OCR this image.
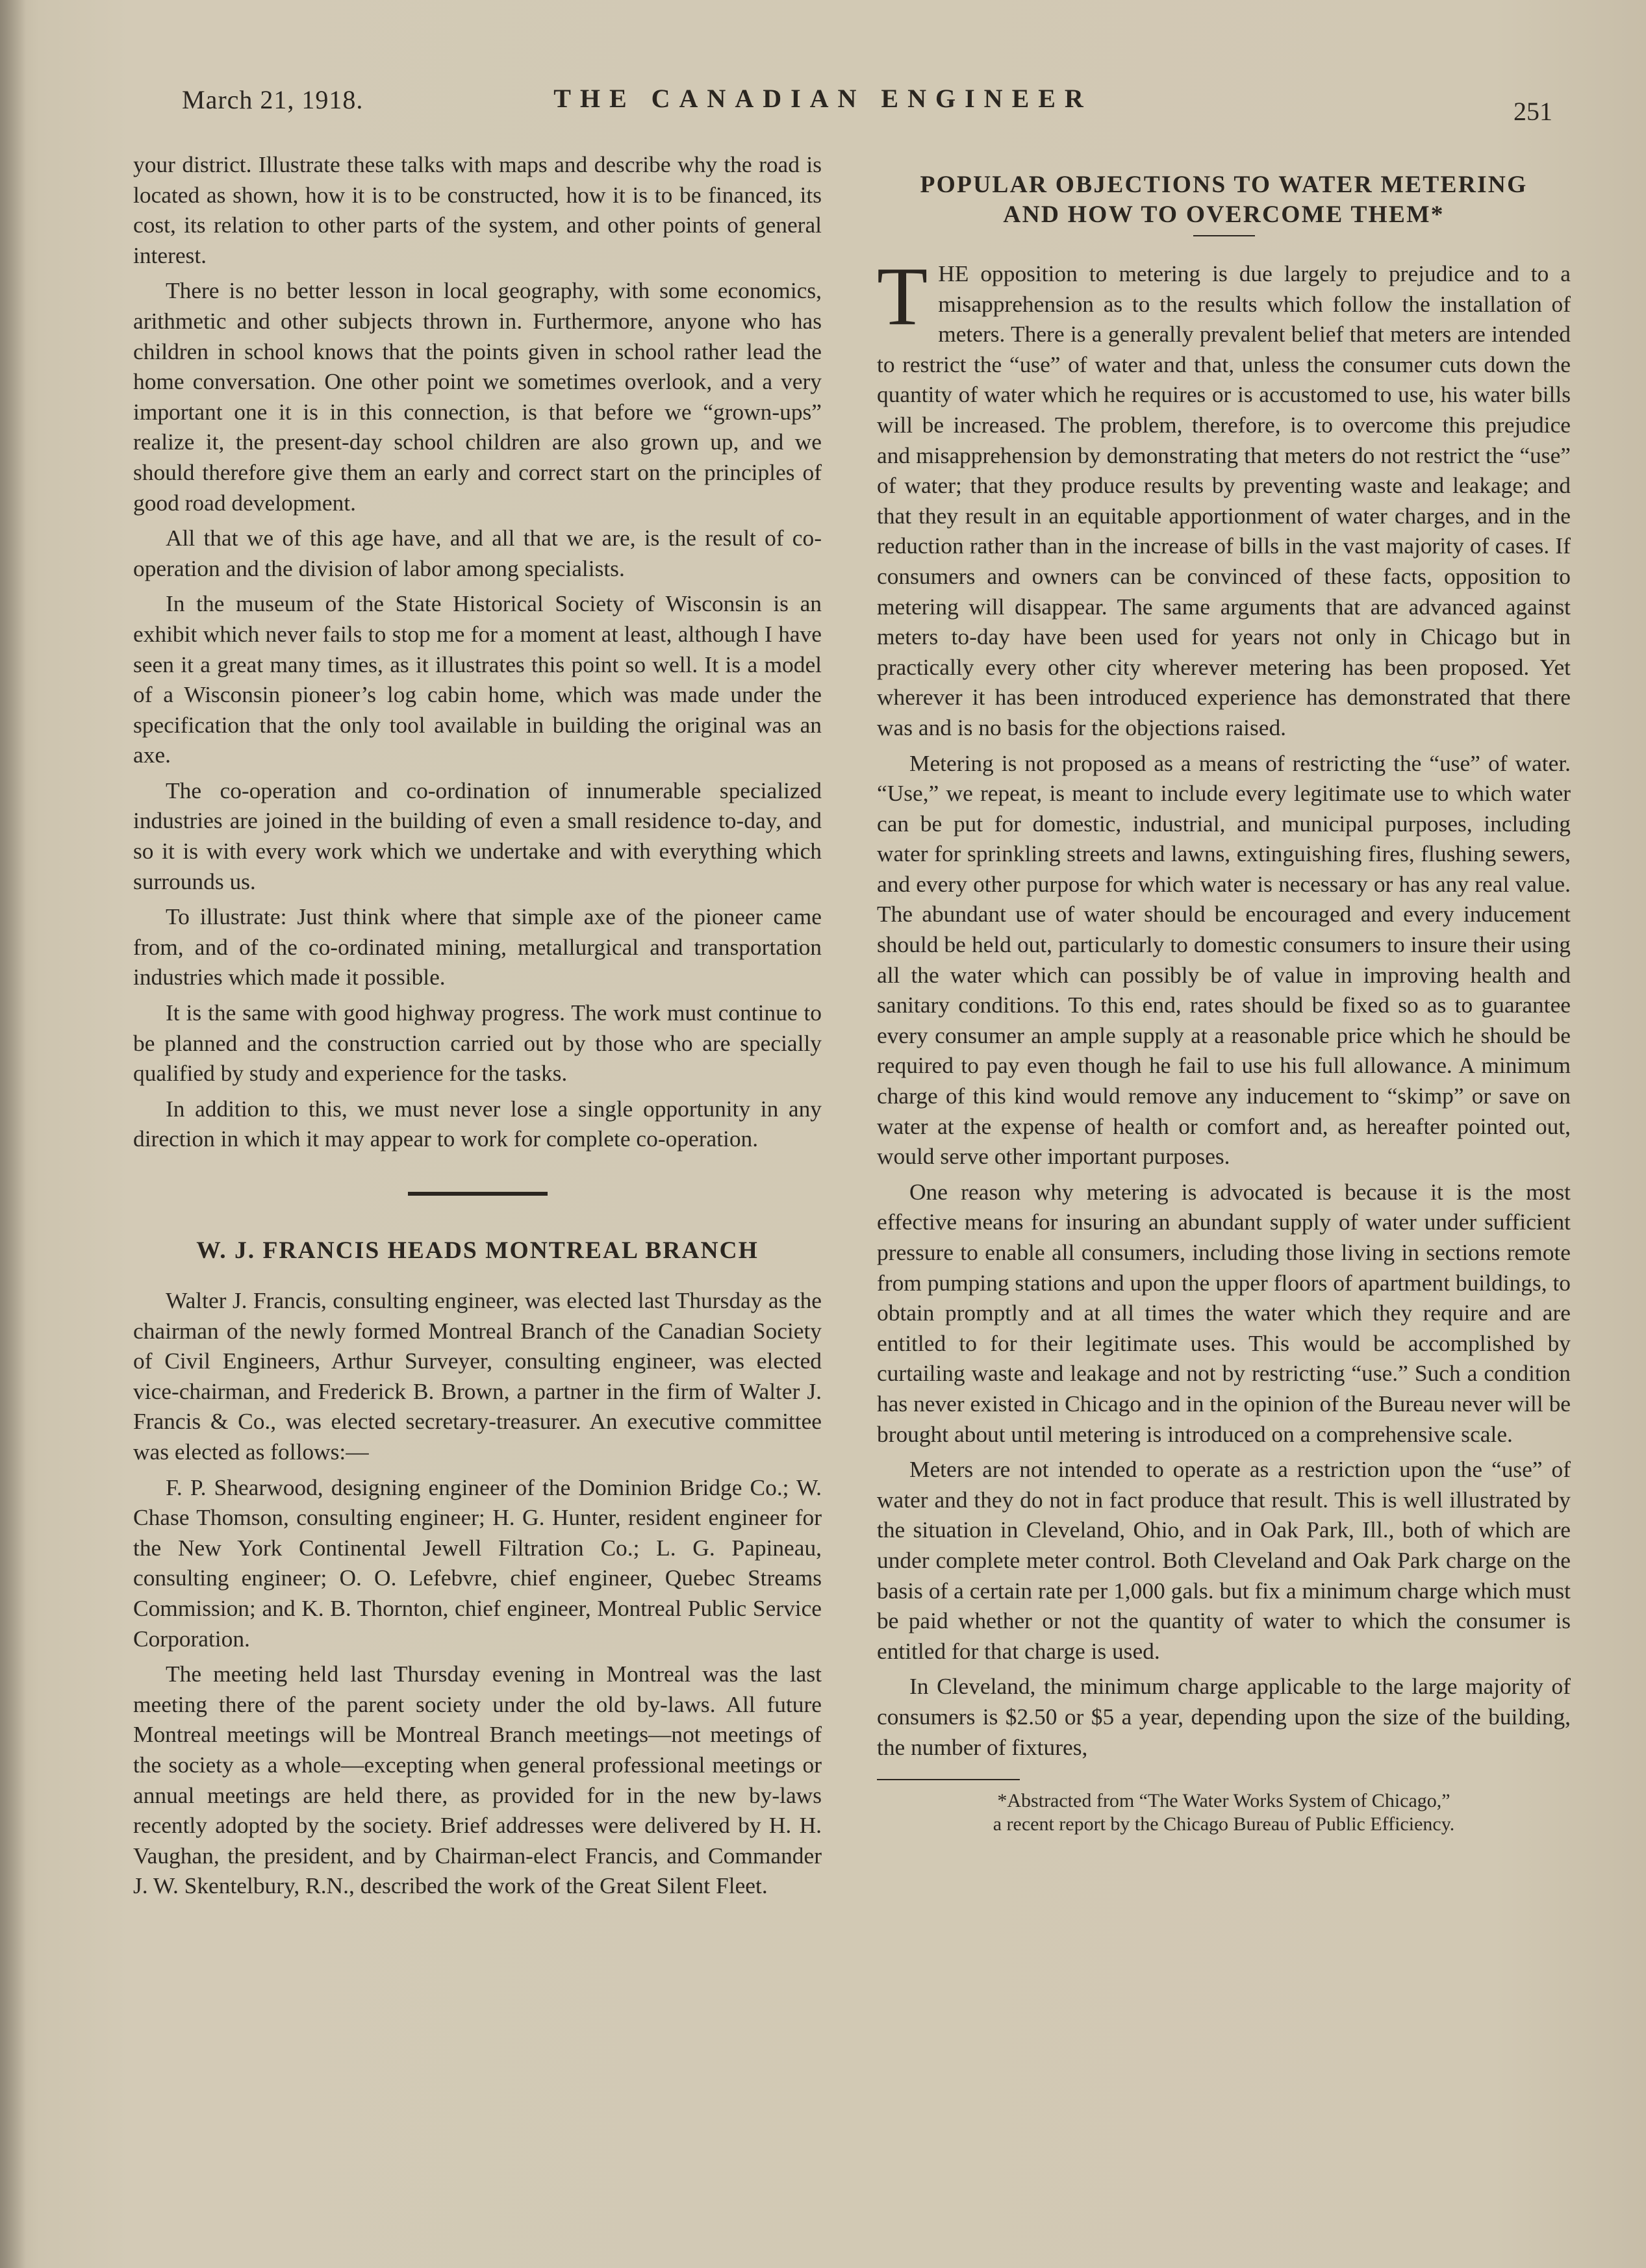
March 21, 1918.	THE CANADIAN ENGINEER	251

your district. Illustrate these talks with maps and describe why the road is located as shown, how it is to be constructed, how it is to be financed, its cost, its relation to other parts of the system, and other points of general interest.

There is no better lesson in local geography, with some economics, arithmetic and other subjects thrown in. Furthermore, anyone who has children in school knows that the points given in school rather lead the home conversation. One other point we sometimes overlook, and a very important one it is in this connection, is that before we “grown-ups” realize it, the present-day school children are also grown up, and we should therefore give them an early and correct start on the principles of good road development.

All that we of this age have, and all that we are, is the result of co-operation and the division of labor among specialists.

In the museum of the State Historical Society of Wisconsin is an exhibit which never fails to stop me for a moment at least, although I have seen it a great many times, as it illustrates this point so well. It is a model of a Wisconsin pioneer’s log cabin home, which was made under the specification that the only tool available in building the original was an axe.

The co-operation and co-ordination of innumerable specialized industries are joined in the building of even a small residence to-day, and so it is with every work which we undertake and with everything which surrounds us.

To illustrate: Just think where that simple axe of the pioneer came from, and of the co-ordinated mining, metallurgical and transportation industries which made it possible.

It is the same with good highway progress. The work must continue to be planned and the construction carried out by those who are specially qualified by study and experience for the tasks.

In addition to this, we must never lose a single opportunity in any direction in which it may appear to work for complete co-operation.

W. J. FRANCIS HEADS MONTREAL BRANCH

Walter J. Francis, consulting engineer, was elected last Thursday as the chairman of the newly formed Montreal Branch of the Canadian Society of Civil Engineers, Arthur Surveyer, consulting engineer, was elected vice-chairman, and Frederick B. Brown, a partner in the firm of Walter J. Francis & Co., was elected secretary-treasurer. An executive committee was elected as follows:—

F. P. Shearwood, designing engineer of the Dominion Bridge Co.; W. Chase Thomson, consulting engineer; H. G. Hunter, resident engineer for the New York Continental Jewell Filtration Co.; L. G. Papineau, consulting engineer; O. O. Lefebvre, chief engineer, Quebec Streams Commission; and K. B. Thornton, chief engineer, Montreal Public Service Corporation.

The meeting held last Thursday evening in Montreal was the last meeting there of the parent society under the old by-laws. All future Montreal meetings will be Montreal Branch meetings—not meetings of the society as a whole—excepting when general professional meetings or annual meetings are held there, as provided for in the new by-laws recently adopted by the society. Brief addresses were delivered by H. H. Vaughan, the president, and by Chairman-elect Francis, and Commander J. W. Skentelbury, R.N., described the work of the Great Silent Fleet.

POPULAR OBJECTIONS TO WATER METERING
AND HOW TO OVERCOME THEM*

THE opposition to metering is due largely to prejudice and to a misapprehension as to the results which follow the installation of meters. There is a generally prevalent belief that meters are intended to restrict the “use” of water and that, unless the consumer cuts down the quantity of water which he requires or is accustomed to use, his water bills will be increased. The problem, therefore, is to overcome this prejudice and misapprehension by demonstrating that meters do not restrict the “use” of water; that they produce results by preventing waste and leakage; and that they result in an equitable apportionment of water charges, and in the reduction rather than in the increase of bills in the vast majority of cases. If consumers and owners can be convinced of these facts, opposition to metering will disappear. The same arguments that are advanced against meters to-day have been used for years not only in Chicago but in practically every other city wherever metering has been proposed. Yet wherever it has been introduced experience has demonstrated that there was and is no basis for the objections raised.

Metering is not proposed as a means of restricting the “use” of water. “Use,” we repeat, is meant to include every legitimate use to which water can be put for domestic, industrial, and municipal purposes, including water for sprinkling streets and lawns, extinguishing fires, flushing sewers, and every other purpose for which water is necessary or has any real value. The abundant use of water should be encouraged and every inducement should be held out, particularly to domestic consumers to insure their using all the water which can possibly be of value in improving health and sanitary conditions. To this end, rates should be fixed so as to guarantee every consumer an ample supply at a reasonable price which he should be required to pay even though he fail to use his full allowance. A minimum charge of this kind would remove any inducement to “skimp” or save on water at the expense of health or comfort and, as hereafter pointed out, would serve other important purposes.

One reason why metering is advocated is because it is the most effective means for insuring an abundant supply of water under sufficient pressure to enable all consumers, including those living in sections remote from pumping stations and upon the upper floors of apartment buildings, to obtain promptly and at all times the water which they require and are entitled to for their legitimate uses. This would be accomplished by curtailing waste and leakage and not by restricting “use.” Such a condition has never existed in Chicago and in the opinion of the Bureau never will be brought about until metering is introduced on a comprehensive scale.

Meters are not intended to operate as a restriction upon the “use” of water and they do not in fact produce that result. This is well illustrated by the situation in Cleveland, Ohio, and in Oak Park, Ill., both of which are under complete meter control. Both Cleveland and Oak Park charge on the basis of a certain rate per 1,000 gals. but fix a minimum charge which must be paid whether or not the quantity of water to which the consumer is entitled for that charge is used.

In Cleveland, the minimum charge applicable to the large majority of consumers is $2.50 or $5 a year, depending upon the size of the building, the number of fixtures,

*Abstracted from “The Water Works System of Chicago,”
a recent report by the Chicago Bureau of Public Efficiency.
